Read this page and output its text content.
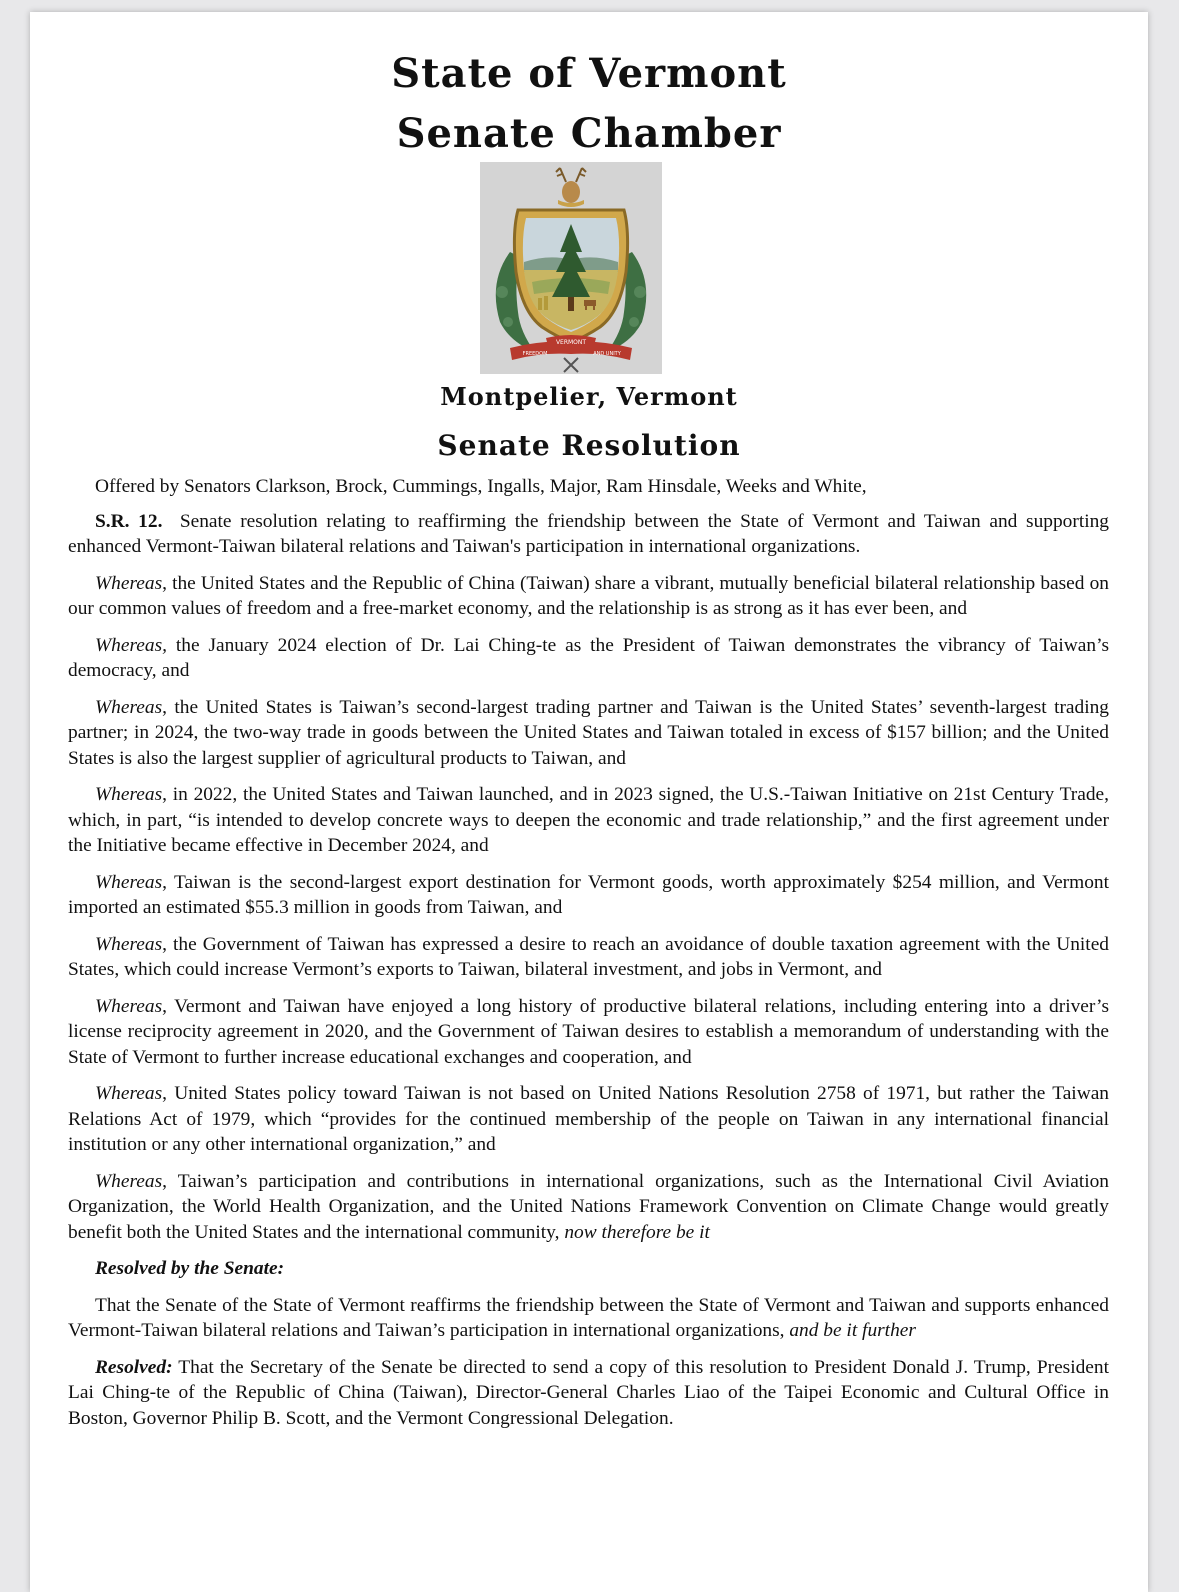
State of Vermont
Senate Chamber
VERMONT
FREEDOM	AND UNITY
Montpelier, Vermont
Senate Resolution

Offered by Senators Clarkson, Brock, Cummings, Ingalls, Major, Ram Hinsdale, Weeks and White,

S.R. 12. Senate resolution relating to reaffirming the friendship between the State of Vermont and Taiwan and supporting enhanced Vermont-Taiwan bilateral relations and Taiwan's participation in international organizations.

Whereas, the United States and the Republic of China (Taiwan) share a vibrant, mutually beneficial bilateral relationship based on our common values of freedom and a free-market economy, and the relationship is as strong as it has ever been, and

Whereas, the January 2024 election of Dr. Lai Ching-te as the President of Taiwan demonstrates the vibrancy of Taiwan’s democracy, and

Whereas, the United States is Taiwan’s second-largest trading partner and Taiwan is the United States’ seventh-largest trading partner; in 2024, the two-way trade in goods between the United States and Taiwan totaled in excess of $157 billion; and the United States is also the largest supplier of agricultural products to Taiwan, and

Whereas, in 2022, the United States and Taiwan launched, and in 2023 signed, the U.S.-Taiwan Initiative on 21st Century Trade, which, in part, “is intended to develop concrete ways to deepen the economic and trade relationship,” and the first agreement under the Initiative became effective in December 2024, and

Whereas, Taiwan is the second-largest export destination for Vermont goods, worth approximately $254 million, and Vermont imported an estimated $55.3 million in goods from Taiwan, and

Whereas, the Government of Taiwan has expressed a desire to reach an avoidance of double taxation agreement with the United States, which could increase Vermont’s exports to Taiwan, bilateral investment, and jobs in Vermont, and

Whereas, Vermont and Taiwan have enjoyed a long history of productive bilateral relations, including entering into a driver’s license reciprocity agreement in 2020, and the Government of Taiwan desires to establish a memorandum of understanding with the State of Vermont to further increase educational exchanges and cooperation, and

Whereas, United States policy toward Taiwan is not based on United Nations Resolution 2758 of 1971, but rather the Taiwan Relations Act of 1979, which “provides for the continued membership of the people on Taiwan in any international financial institution or any other international organization,” and

Whereas, Taiwan’s participation and contributions in international organizations, such as the International Civil Aviation Organization, the World Health Organization, and the United Nations Framework Convention on Climate Change would greatly benefit both the United States and the international community, now therefore be it

Resolved by the Senate:

That the Senate of the State of Vermont reaffirms the friendship between the State of Vermont and Taiwan and supports enhanced Vermont-Taiwan bilateral relations and Taiwan’s participation in international organizations, and be it further

Resolved: That the Secretary of the Senate be directed to send a copy of this resolution to President Donald J. Trump, President Lai Ching-te of the Republic of China (Taiwan), Director-General Charles Liao of the Taipei Economic and Cultural Office in Boston, Governor Philip B. Scott, and the Vermont Congressional Delegation.
